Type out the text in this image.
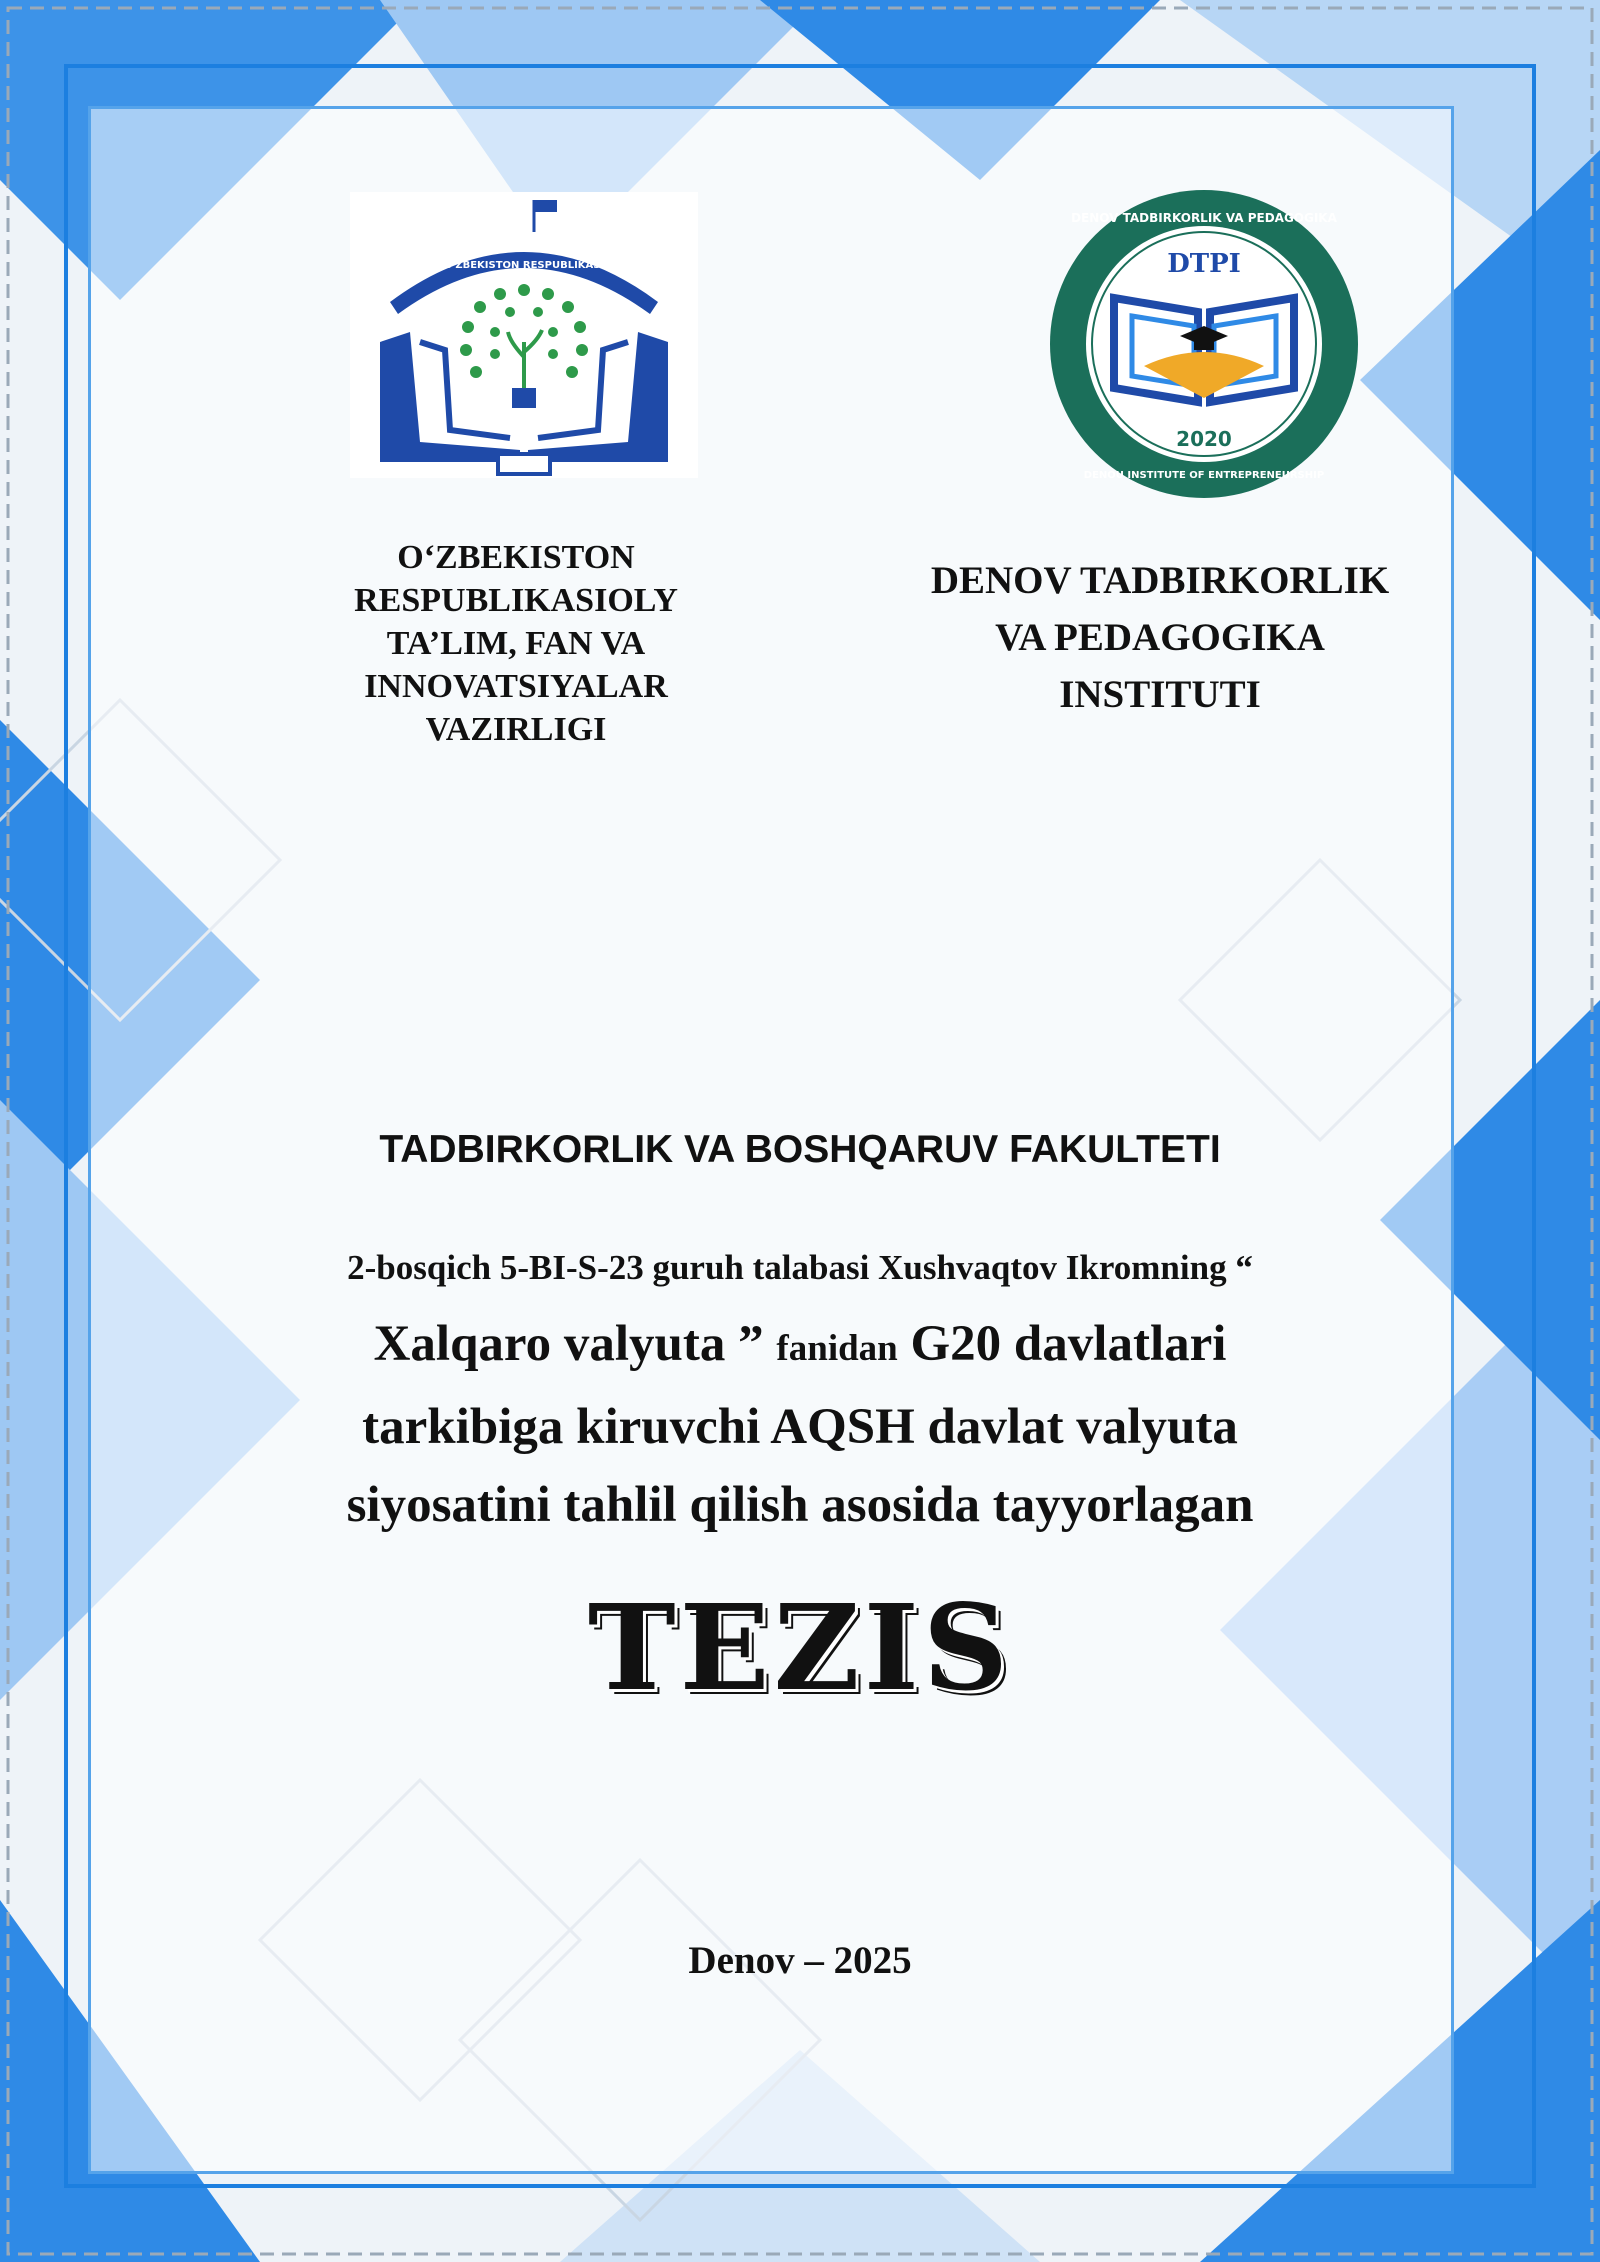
O'ZBEKISTON RESPUBLIKASI
DENOV TADBIRKORLIK VA PEDAGOGIKA
DENOU INSTITUTE OF ENTREPRENEURSHIP
DTPI
2020
O‘ZBEKISTON
RESPUBLIKASIOLY
TA’LIM, FAN VA
INNOVATSIYALAR
VAZIRLIGI
DENOV TADBIRKORLIK
VA PEDAGOGIKA
INSTITUTI
TADBIRKORLIK VA BOSHQARUV FAKULTETI
2-bosqich 5-BI-S-23 guruh talabasi Xushvaqtov Ikromning “
Xalqaro valyuta ” fanidan G20 davlatlari
tarkibiga kiruvchi AQSH davlat valyuta
siyosatini tahlil qilish asosida tayyorlagan
TEZIS
Denov – 2025
